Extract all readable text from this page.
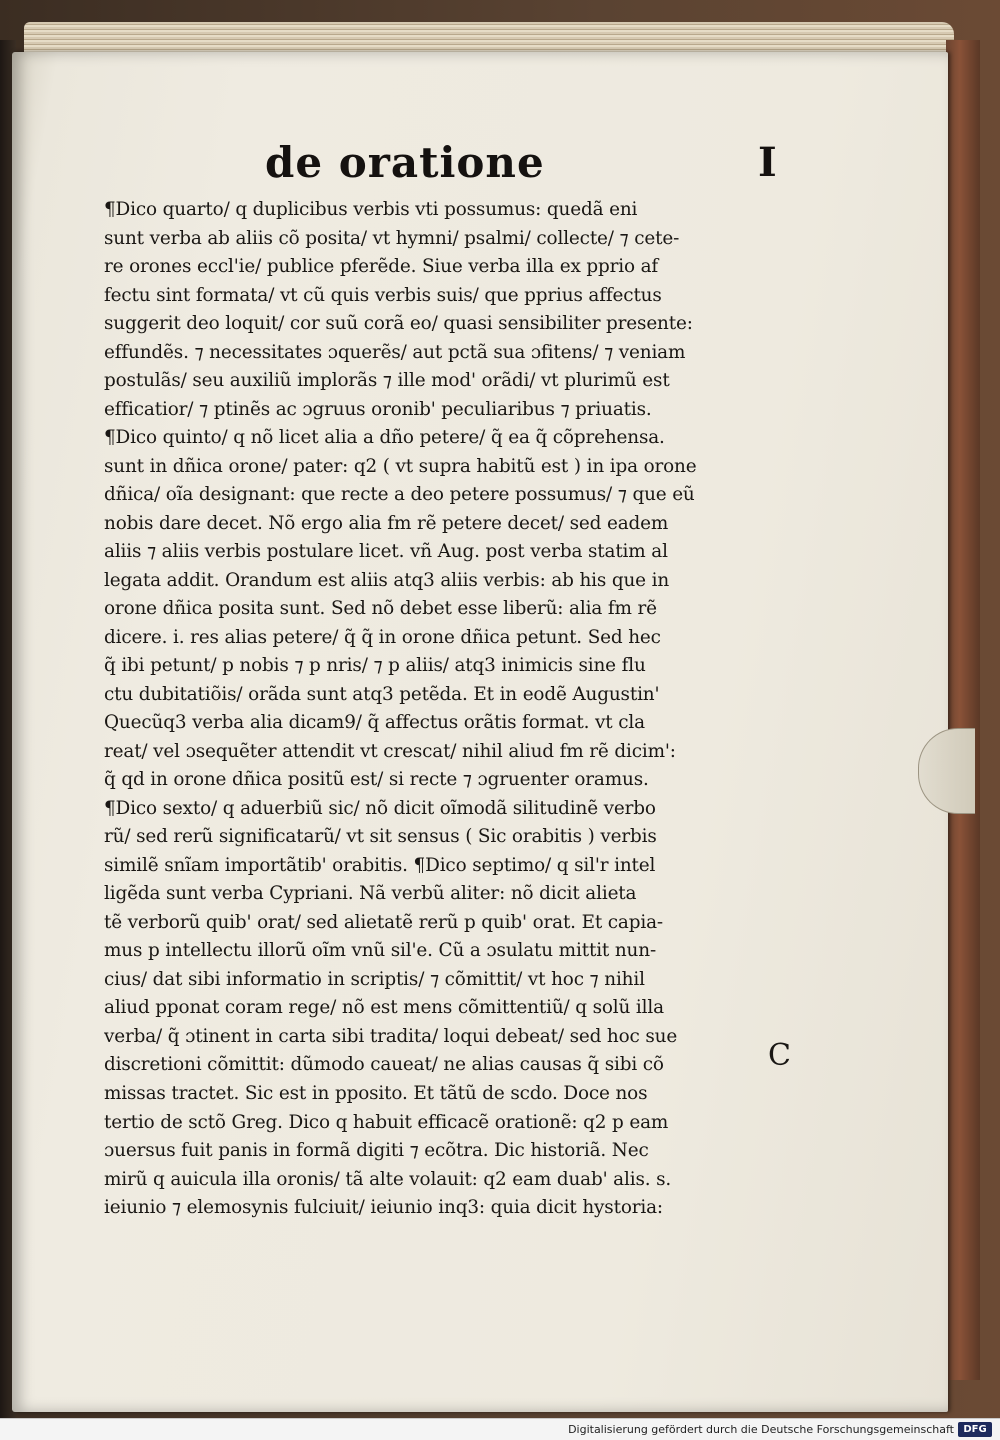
de oratione	I
¶Dico quarto/ q duplicibus verbis vti possumus: quedã eni
sunt verba ab aliis cõ posita/ vt hymni/ psalmi/ collecte/ ⁊ cete-
re orones eccl'ie/ publice pferẽde. Siue verba illa ex pprio af
fectu sint formata/ vt cũ quis verbis suis/ que pprius affectus
suggerit deo loquit/ cor suũ corã eo/ quasi sensibiliter presente:
effundẽs. ⁊ necessitates ɔquerẽs/ aut pctã sua ɔfitens/ ⁊ veniam
postulãs/ seu auxiliũ implorãs ⁊ ille mod' orãdi/ vt plurimũ est
efficatior/ ⁊ ptinẽs ac ɔgruus oronib' peculiaribus ⁊ priuatis.
¶Dico quinto/ q nõ licet alia a dño petere/ q̃ ea q̃ cõprehensa.
sunt in dñica orone/ pater: q2 ( vt supra habitũ est ) in ipa orone
dñica/ oĩa designant: que recte a deo petere possumus/ ⁊ que eũ
nobis dare decet. Nõ ergo alia fm rẽ petere decet/ sed eadem
aliis ⁊ aliis verbis postulare licet. vñ Aug. post verba statim al
legata addit. Orandum est aliis atq3 aliis verbis: ab his que in
orone dñica posita sunt. Sed nõ debet esse liberũ: alia fm rẽ
dicere. i. res alias petere/ q̃ q̃ in orone dñica petunt. Sed hec
q̃ ibi petunt/ p nobis ⁊ p nris/ ⁊ p aliis/ atq3 inimicis sine flu
ctu dubitatiõis/ orãda sunt atq3 petẽda. Et in eodẽ Augustin'
Quecũq3 verba alia dicam9/ q̃ affectus orãtis format. vt cla
reat/ vel ɔsequẽter attendit vt crescat/ nihil aliud fm rẽ dicim':
q̃ qd in orone dñica positũ est/ si recte ⁊ ɔgruenter oramus.
¶Dico sexto/ q aduerbiũ sic/ nõ dicit oĩmodã silitudinẽ verbo
rũ/ sed rerũ significatarũ/ vt sit sensus ( Sic orabitis ) verbis
similẽ snĩam importãtib' orabitis. ¶Dico septimo/ q sil'r intel
ligẽda sunt verba Cypriani. Nã verbũ aliter: nõ dicit alieta
tẽ verborũ quib' orat/ sed alietatẽ rerũ p quib' orat. Et capia-
mus p intellectu illorũ oĩm vnũ sil'e. Cũ a ɔsulatu mittit nun-
cius/ dat sibi informatio in scriptis/ ⁊ cõmittit/ vt hoc ⁊ nihil
aliud pponat coram rege/ nõ est mens cõmittentiũ/ q solũ illa
verba/ q̃ ɔtinent in carta sibi tradita/ loqui debeat/ sed hoc sue
discretioni cõmittit: dũmodo caueat/ ne alias causas q̃ sibi cõ
missas tractet. Sic est in pposito. Et tãtũ de scdo. Doce nos
tertio de sctõ Greg. Dico q habuit efficacẽ orationẽ: q2 p eam
ɔuersus fuit panis in formã digiti ⁊ ecõtra. Dic historiã. Nec
mirũ q auicula illa oronis/ tã alte volauit: q2 eam duab' alis. s.
ieiunio ⁊ elemosynis fulciuit/ ieiunio inq3: quia dicit hystoria:
C
Digitalisierung gefördert durch die Deutsche Forschungsgemeinschaft DFG
